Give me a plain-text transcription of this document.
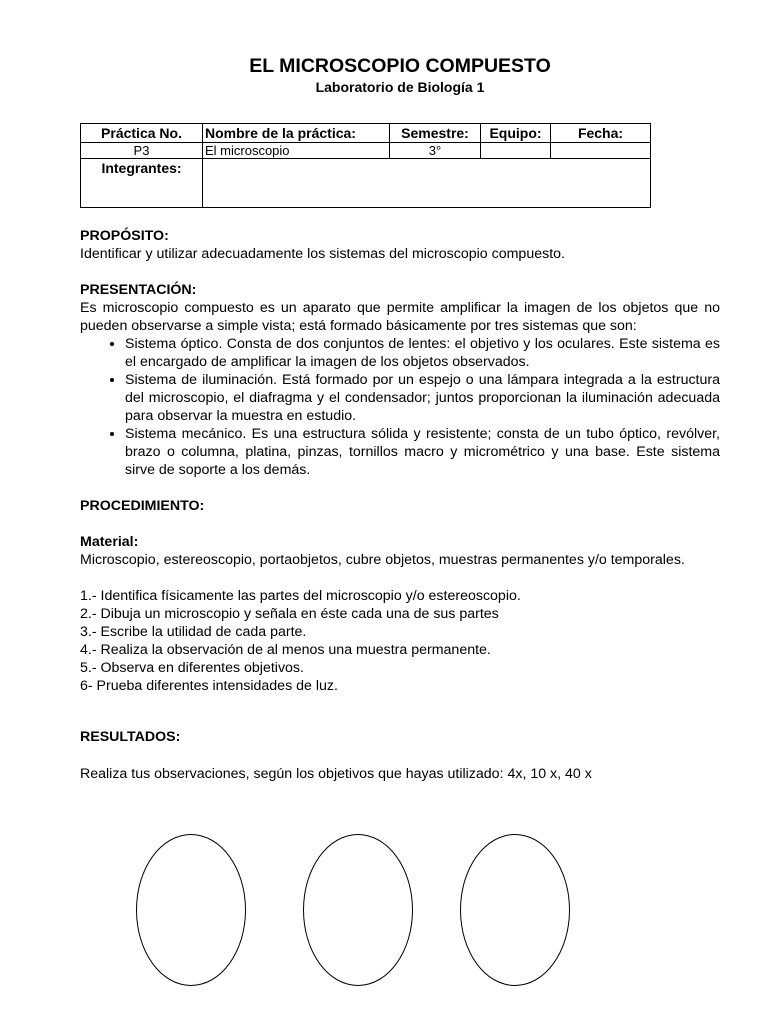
EL MICROSCOPIO COMPUESTO

Laboratorio de Biología 1

Práctica No.	Nombre de la práctica:	Semestre:	Equipo:	Fecha:
P3	El microscopio	3°		
Integrantes:				

PROPÓSITO:

Identificar y utilizar adecuadamente los sistemas del microscopio compuesto.

PRESENTACIÓN:

Es microscopio compuesto es un aparato que permite amplificar la imagen de los objetos que no pueden observarse a simple vista; está formado básicamente por tres sistemas que son:

• Sistema óptico. Consta de dos conjuntos de lentes: el objetivo y los oculares. Este sistema es el encargado de amplificar la imagen de los objetos observados.
• Sistema de iluminación. Está formado por un espejo o una lámpara integrada a la estructura del microscopio, el diafragma y el condensador; juntos proporcionan la iluminación adecuada para observar la muestra en estudio.
• Sistema mecánico. Es una estructura sólida y resistente; consta de un tubo óptico, revólver, brazo o columna, platina, pinzas, tornillos macro y micrométrico y una base. Este sistema sirve de soporte a los demás.

PROCEDIMIENTO:

Material:

Microscopio, estereoscopio, portaobjetos, cubre objetos, muestras permanentes y/o temporales.

1.- Identifica físicamente las partes del microscopio y/o estereoscopio.
2.- Dibuja un microscopio y señala en éste cada una de sus partes
3.- Escribe la utilidad de cada parte.
4.- Realiza la observación de al menos una muestra permanente.
5.- Observa en diferentes objetivos.
6- Prueba diferentes intensidades de luz.

RESULTADOS:

Realiza tus observaciones, según los objetivos que hayas utilizado: 4x, 10 x, 40 x
